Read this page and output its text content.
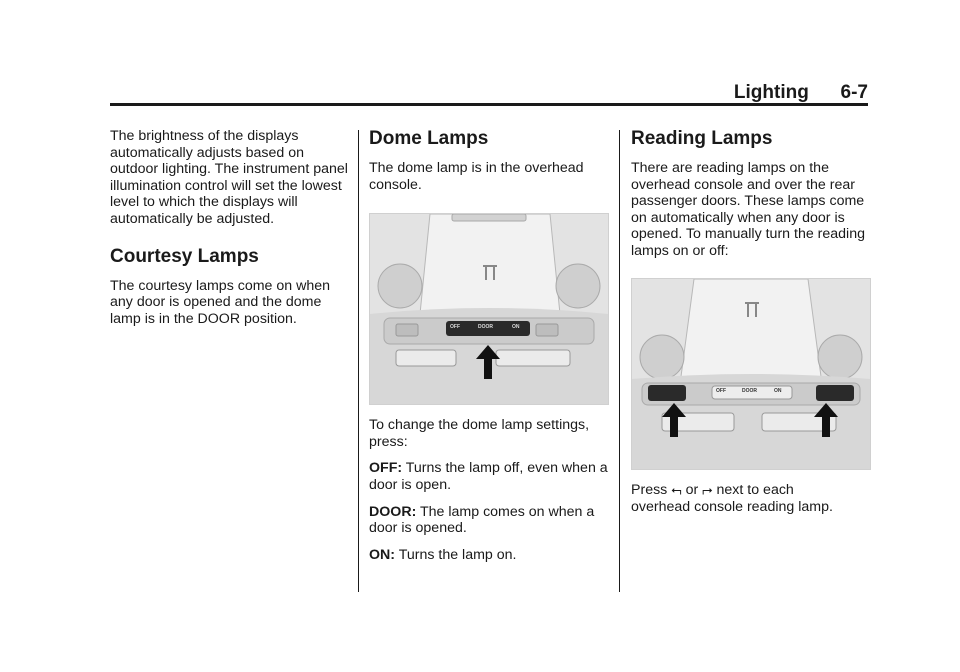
Lighting 6-7

The brightness of the displays automatically adjusts based on outdoor lighting. The instrument panel illumination control will set the lowest level to which the displays will automatically be adjusted.

Courtesy Lamps

The courtesy lamps come on when any door is opened and the dome lamp is in the DOOR position.

Dome Lamps

The dome lamp is in the overhead console.

OFF	DOOR	ON

To change the dome lamp settings, press:

OFF: Turns the lamp off, even when a door is open.

DOOR: The lamp comes on when a door is opened.

ON: Turns the lamp on.

Reading Lamps

There are reading lamps on the overhead console and over the rear passenger doors. These lamps come on automatically when any door is opened. To manually turn the reading lamps on or off:

OFF	DOOR	ON

Press ⮢ or ⮣ next to each
overhead console reading lamp.
